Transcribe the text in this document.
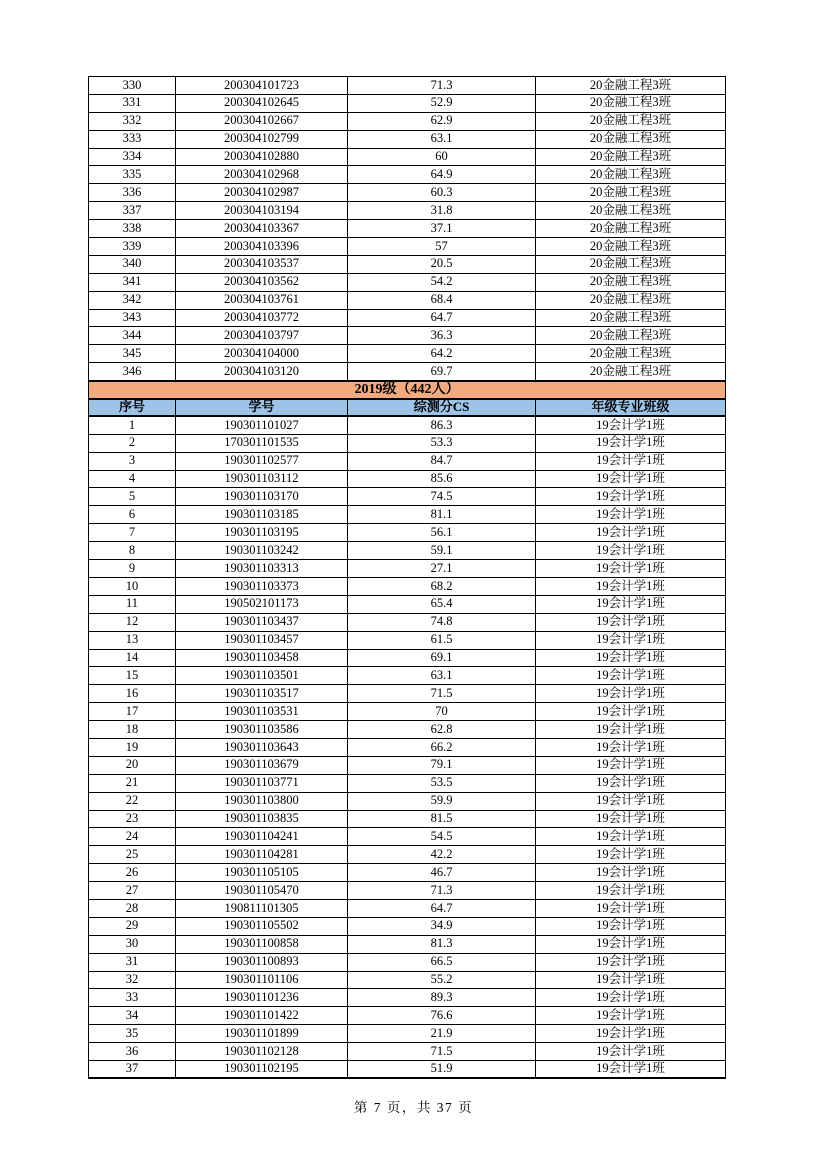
330	200304101723	71.3	20金融工程3班
331	200304102645	52.9	20金融工程3班
332	200304102667	62.9	20金融工程3班
333	200304102799	63.1	20金融工程3班
334	200304102880	60	20金融工程3班
335	200304102968	64.9	20金融工程3班
336	200304102987	60.3	20金融工程3班
337	200304103194	31.8	20金融工程3班
338	200304103367	37.1	20金融工程3班
339	200304103396	57	20金融工程3班
340	200304103537	20.5	20金融工程3班
341	200304103562	54.2	20金融工程3班
342	200304103761	68.4	20金融工程3班
343	200304103772	64.7	20金融工程3班
344	200304103797	36.3	20金融工程3班
345	200304104000	64.2	20金融工程3班
346	200304103120	69.7	20金融工程3班
2019级（442人）			
序号	学号	综测分CS	年级专业班级
1	190301101027	86.3	19会计学1班
2	170301101535	53.3	19会计学1班
3	190301102577	84.7	19会计学1班
4	190301103112	85.6	19会计学1班
5	190301103170	74.5	19会计学1班
6	190301103185	81.1	19会计学1班
7	190301103195	56.1	19会计学1班
8	190301103242	59.1	19会计学1班
9	190301103313	27.1	19会计学1班
10	190301103373	68.2	19会计学1班
11	190502101173	65.4	19会计学1班
12	190301103437	74.8	19会计学1班
13	190301103457	61.5	19会计学1班
14	190301103458	69.1	19会计学1班
15	190301103501	63.1	19会计学1班
16	190301103517	71.5	19会计学1班
17	190301103531	70	19会计学1班
18	190301103586	62.8	19会计学1班
19	190301103643	66.2	19会计学1班
20	190301103679	79.1	19会计学1班
21	190301103771	53.5	19会计学1班
22	190301103800	59.9	19会计学1班
23	190301103835	81.5	19会计学1班
24	190301104241	54.5	19会计学1班
25	190301104281	42.2	19会计学1班
26	190301105105	46.7	19会计学1班
27	190301105470	71.3	19会计学1班
28	190811101305	64.7	19会计学1班
29	190301105502	34.9	19会计学1班
30	190301100858	81.3	19会计学1班
31	190301100893	66.5	19会计学1班
32	190301101106	55.2	19会计学1班
33	190301101236	89.3	19会计学1班
34	190301101422	76.6	19会计学1班
35	190301101899	21.9	19会计学1班
36	190301102128	71.5	19会计学1班
37	190301102195	51.9	19会计学1班
第 7 页，共 37 页
